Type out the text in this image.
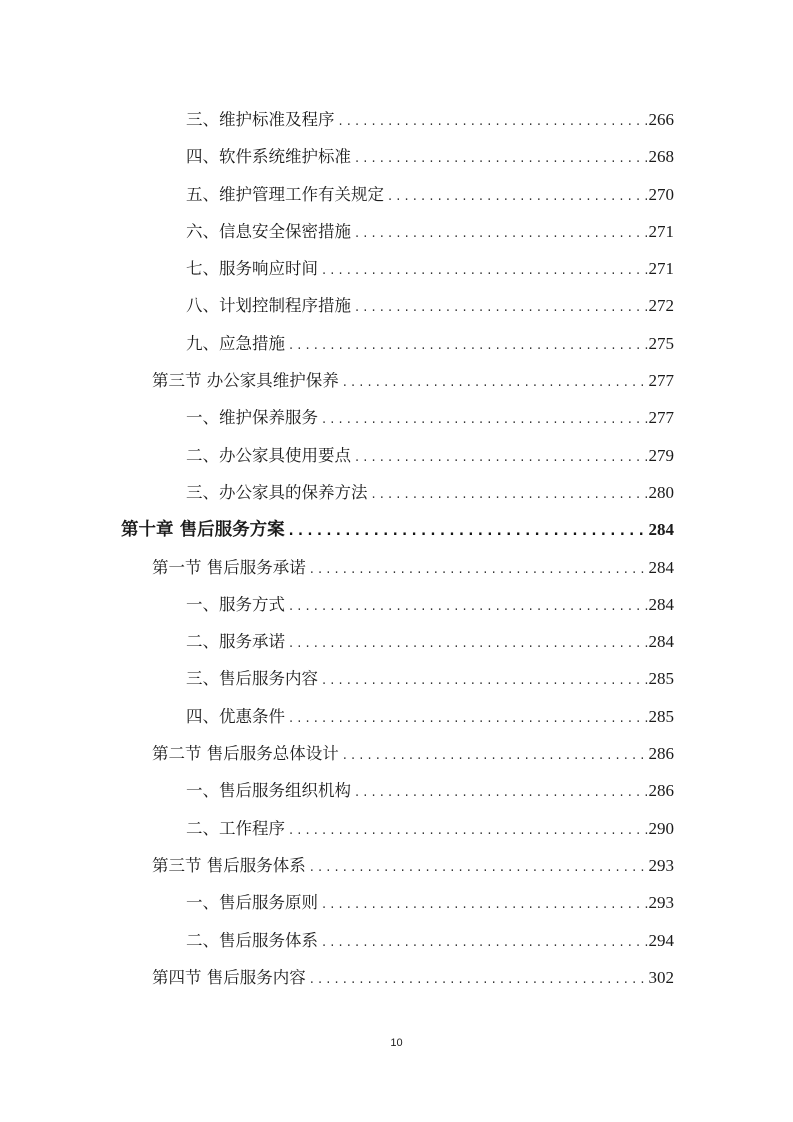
三、维护标准及程序 . . .	266
四、软件系统维护标准 . . .	268
五、维护管理工作有关规定 . . .	270
六、信息安全保密措施 . . .	271
七、服务响应时间 . . .	271
八、计划控制程序措施 . . .	272
九、应急措施 . . .	275
第三节 办公家具维护保养 . . .	277
一、维护保养服务 . . .	277
二、办公家具使用要点 . . .	279
三、办公家具的保养方法 . . .	280
第十章 售后服务方案 . . .	284
第一节 售后服务承诺 . . .	284
一、服务方式 . . .	284
二、服务承诺 . . .	284
三、售后服务内容 . . .	285
四、优惠条件 . . .	285
第二节 售后服务总体设计 . . .	286
一、售后服务组织机构 . . .	286
二、工作程序 . . .	290
第三节 售后服务体系 . . .	293
一、售后服务原则 . . .	293
二、售后服务体系 . . .	294
第四节 售后服务内容 . . .	302
10
